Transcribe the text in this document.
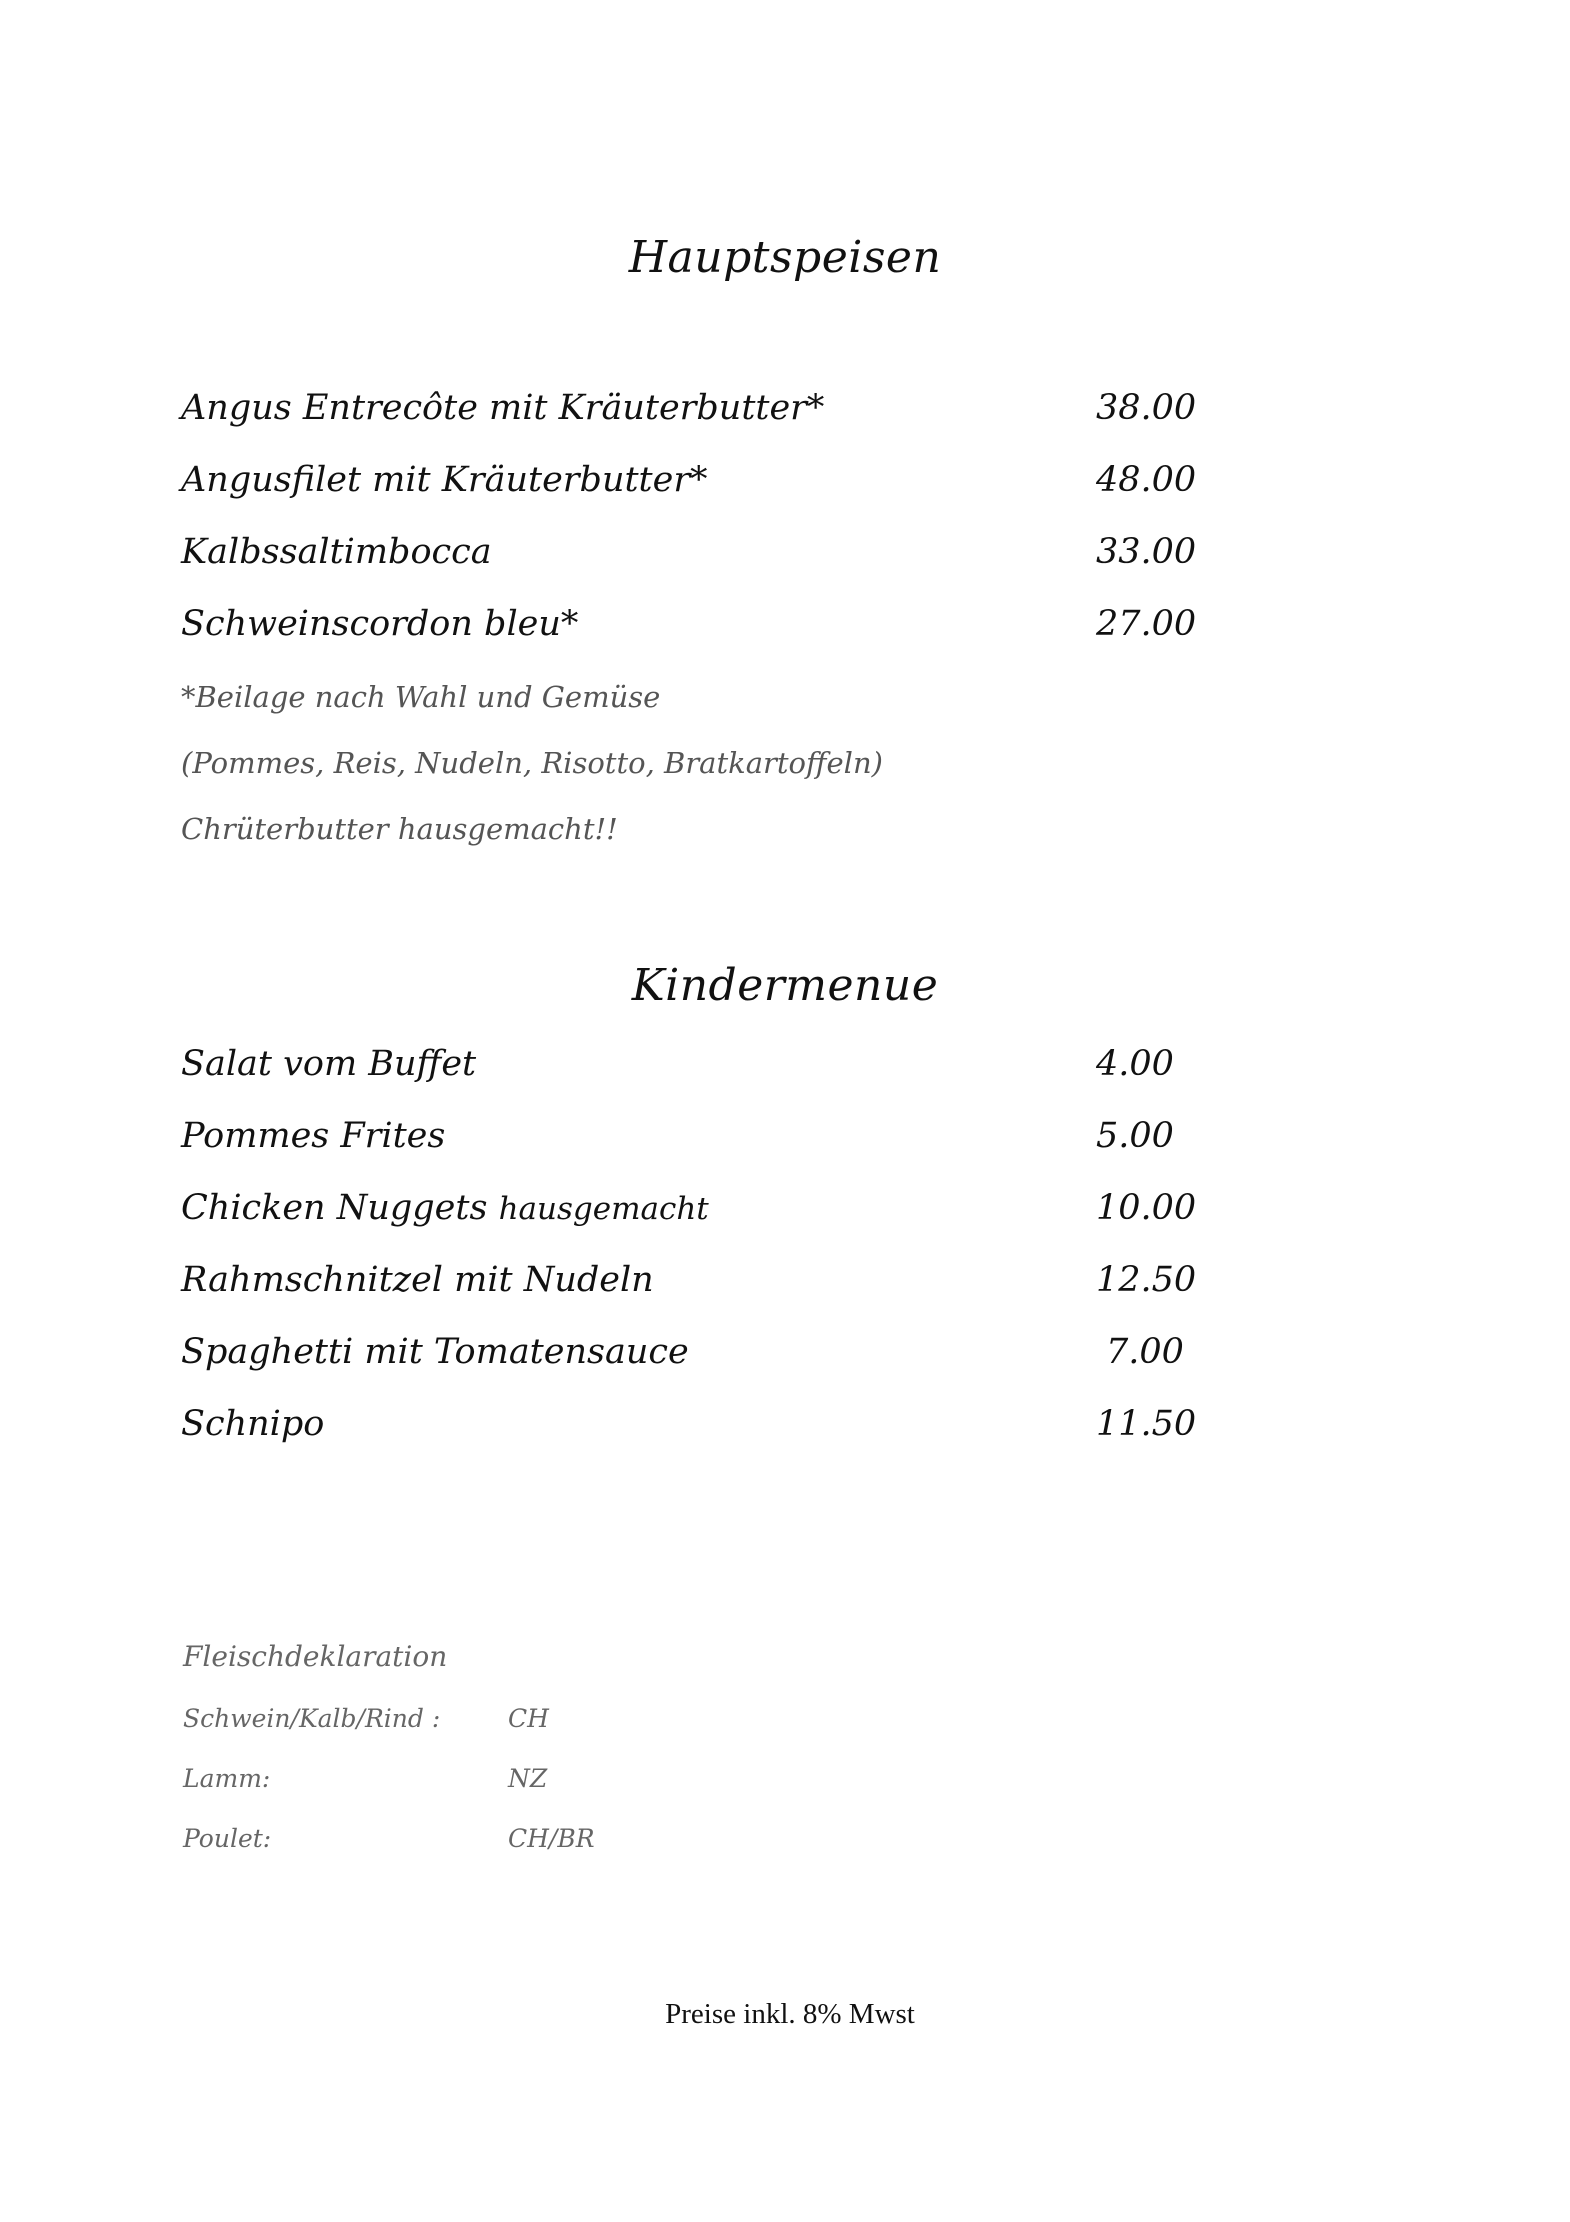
Hauptspeisen
Angus Entrecôte mit Kräuterbutter*	38.00
Angusfilet mit Kräuterbutter*	48.00
Kalbssaltimbocca	33.00
Schweinscordon bleu*	27.00
*Beilage nach Wahl und Gemüse
(Pommes, Reis, Nudeln, Risotto, Bratkartoffeln)
Chrüterbutter hausgemacht!!
Kindermenue
Salat vom Buffet	4.00
Pommes Frites	5.00
Chicken Nuggets hausgemacht	10.00
Rahmschnitzel mit Nudeln	12.50
Spaghetti mit Tomatensauce	7.00
Schnipo	11.50
Fleischdeklaration
Schwein/Kalb/Rind :	CH
Lamm:	NZ
Poulet:	CH/BR
Preise inkl. 8% Mwst
